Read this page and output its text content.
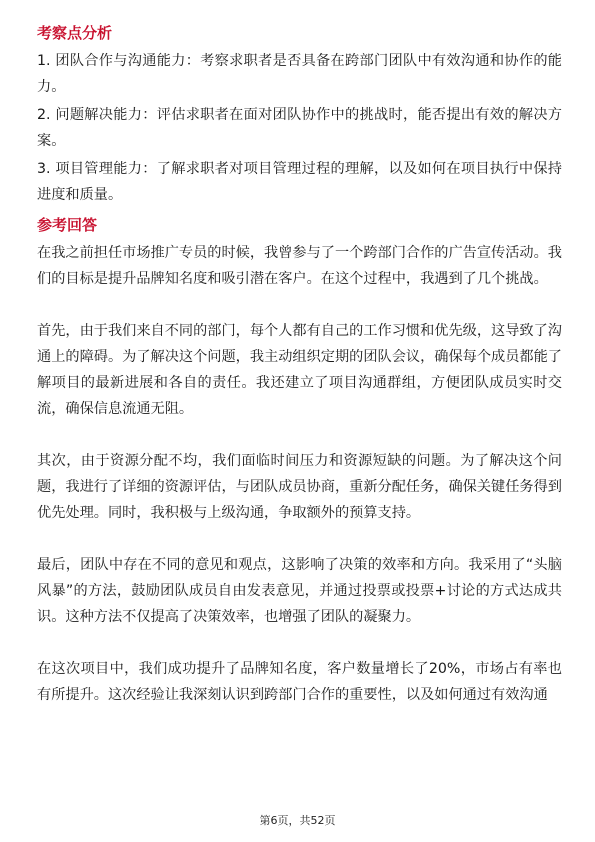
考察点分析

1. 团队合作与沟通能力：考察求职者是否具备在跨部门团队中有效沟通和协作的能力。

2. 问题解决能力：评估求职者在面对团队协作中的挑战时，能否提出有效的解决方案。

3. 项目管理能力：了解求职者对项目管理过程的理解，以及如何在项目执行中保持进度和质量。

参考回答

在我之前担任市场推广专员的时候，我曾参与了一个跨部门合作的广告宣传活动。我们的目标是提升品牌知名度和吸引潜在客户。在这个过程中，我遇到了几个挑战。

首先，由于我们来自不同的部门，每个人都有自己的工作习惯和优先级，这导致了沟通上的障碍。为了解决这个问题，我主动组织定期的团队会议，确保每个成员都能了解项目的最新进展和各自的责任。我还建立了项目沟通群组，方便团队成员实时交流，确保信息流通无阻。

其次，由于资源分配不均，我们面临时间压力和资源短缺的问题。为了解决这个问题，我进行了详细的资源评估，与团队成员协商，重新分配任务，确保关键任务得到优先处理。同时，我积极与上级沟通，争取额外的预算支持。

最后，团队中存在不同的意见和观点，这影响了决策的效率和方向。我采用了“头脑风暴”的方法，鼓励团队成员自由发表意见，并通过投票或投票+讨论的方式达成共识。这种方法不仅提高了决策效率，也增强了团队的凝聚力。

在这次项目中，我们成功提升了品牌知名度，客户数量增长了20%，市场占有率也有所提升。这次经验让我深刻认识到跨部门合作的重要性，以及如何通过有效沟通

第6页，共52页
